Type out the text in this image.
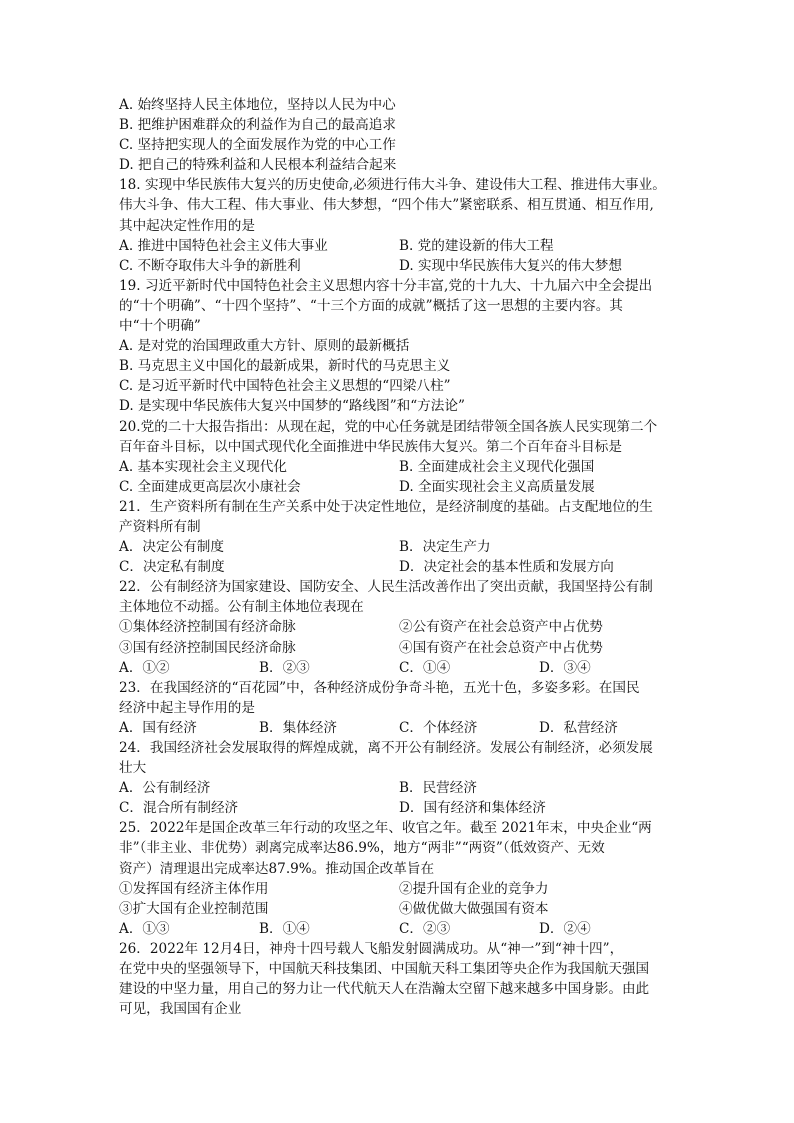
A. 始终坚持人民主体地位，坚持以人民为中心
B. 把维护困难群众的利益作为自己的最高追求
C. 坚持把实现人的全面发展作为党的中心工作
D. 把自己的特殊利益和人民根本利益结合起来
18. 实现中华民族伟大复兴的历史使命,必须进行伟大斗争、建设伟大工程、推进伟大事业。
伟大斗争、伟大工程、伟大事业、伟大梦想，“四个伟大”紧密联系、相互贯通、相互作用,
其中起决定性作用的是
A. 推进中国特色社会主义伟大事业	B. 党的建设新的伟大工程
C. 不断夺取伟大斗争的新胜利	D. 实现中华民族伟大复兴的伟大梦想
19. 习近平新时代中国特色社会主义思想内容十分丰富,党的十九大、十九届六中全会提出
的“十个明确”、“十四个坚持”、“十三个方面的成就”概括了这一思想的主要内容。其
中“十个明确”
A. 是对党的治国理政重大方针、原则的最新概括
B. 马克思主义中国化的最新成果，新时代的马克思主义
C. 是习近平新时代中国特色社会主义思想的“四梁八柱”
D. 是实现中华民族伟大复兴中国梦的“路线图”和“方法论”
20.党的二十大报告指出：从现在起，党的中心任务就是团结带领全国各族人民实现第二个
百年奋斗目标，以中国式现代化全面推进中华民族伟大复兴。第二个百年奋斗目标是
A. 基本实现社会主义现代化	B. 全面建成社会主义现代化强国
C. 全面建成更高层次小康社会	D. 全面实现社会主义高质量发展
21．生产资料所有制在生产关系中处于决定性地位，是经济制度的基础。占支配地位的生
产资料所有制
A．决定公有制度	B．决定生产力
C．决定私有制度	D．决定社会的基本性质和发展方向
22．公有制经济为国家建设、国防安全、人民生活改善作出了突出贡献，我国坚持公有制
主体地位不动摇。公有制主体地位表现在
①集体经济控制国有经济命脉	②公有资产在社会总资产中占优势
③国有经济控制国民经济命脉	④国有资产在社会总资产中占优势
A．①②	B．②③	C．①④	D．③④
23．在我国经济的“百花园”中，各种经济成份争奇斗艳，五光十色，多姿多彩。在国民
经济中起主导作用的是
A．国有经济	B．集体经济	C．个体经济	D．私营经济
24．我国经济社会发展取得的辉煌成就，离不开公有制经济。发展公有制经济，必须发展
壮大
A．公有制经济	B．民营经济
C．混合所有制经济	D．国有经济和集体经济
25．2022年是国企改革三年行动的攻坚之年、收官之年。截至 2021年末，中央企业“两
非”（非主业、非优势）剥离完成率达86.9%，地方“两非”“两资”（低效资产、无效
资产）清理退出完成率达87.9%。推动国企改革旨在
①发挥国有经济主体作用	②提升国有企业的竞争力
③扩大国有企业控制范围	④做优做大做强国有资本
A．①③	B．①④	C．②③	D．②④
26．2022年 12月4日，神舟十四号载人飞船发射圆满成功。从“神一”到“神十四”，
在党中央的坚强领导下，中国航天科技集团、中国航天科工集团等央企作为我国航天强国
建设的中坚力量，用自己的努力让一代代航天人在浩瀚太空留下越来越多中国身影。由此
可见，我国国有企业
